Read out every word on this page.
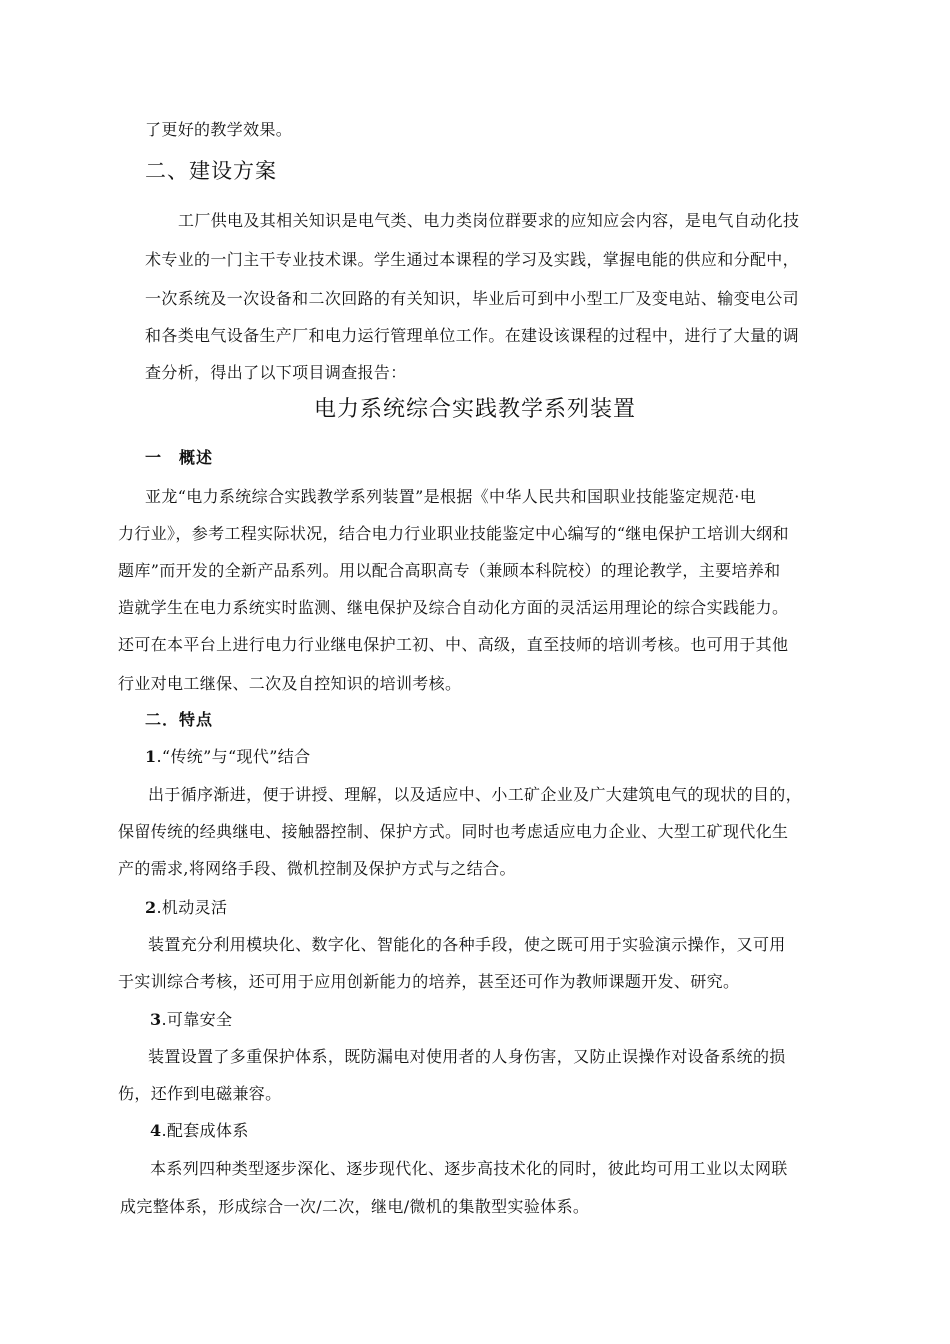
了更好的教学效果。
二、建设方案
工厂供电及其相关知识是电气类、电力类岗位群要求的应知应会内容，是电气自动化技
术专业的一门主干专业技术课。学生通过本课程的学习及实践，掌握电能的供应和分配中，
一次系统及一次设备和二次回路的有关知识，毕业后可到中小型工厂及变电站、输变电公司
和各类电气设备生产厂和电力运行管理单位工作。在建设该课程的过程中，进行了大量的调
查分析，得出了以下项目调查报告：
电力系统综合实践教学系列装置
一　概述
亚龙“电力系统综合实践教学系列装置”是根据《中华人民共和国职业技能鉴定规范·电
力行业》，参考工程实际状况，结合电力行业职业技能鉴定中心编写的“继电保护工培训大纲和
题库”而开发的全新产品系列。用以配合高职高专（兼顾本科院校）的理论教学，主要培养和
造就学生在电力系统实时监测、继电保护及综合自动化方面的灵活运用理论的综合实践能力。
还可在本平台上进行电力行业继电保护工初、中、高级，直至技师的培训考核。也可用于其他
行业对电工继保、二次及自控知识的培训考核。
二．特点
1.“传统”与“现代”结合
出于循序渐进，便于讲授、理解，以及适应中、小工矿企业及广大建筑电气的现状的目的，
保留传统的经典继电、接触器控制、保护方式。同时也考虑适应电力企业、大型工矿现代化生
产的需求,将网络手段、微机控制及保护方式与之结合。
2.机动灵活
装置充分利用模块化、数字化、智能化的各种手段，使之既可用于实验演示操作，又可用
于实训综合考核，还可用于应用创新能力的培养，甚至还可作为教师课题开发、研究。
3.可靠安全
装置设置了多重保护体系，既防漏电对使用者的人身伤害，又防止误操作对设备系统的损
伤，还作到电磁兼容。
4.配套成体系
本系列四种类型逐步深化、逐步现代化、逐步高技术化的同时，彼此均可用工业以太网联
成完整体系，形成综合一次/二次，继电/微机的集散型实验体系。
